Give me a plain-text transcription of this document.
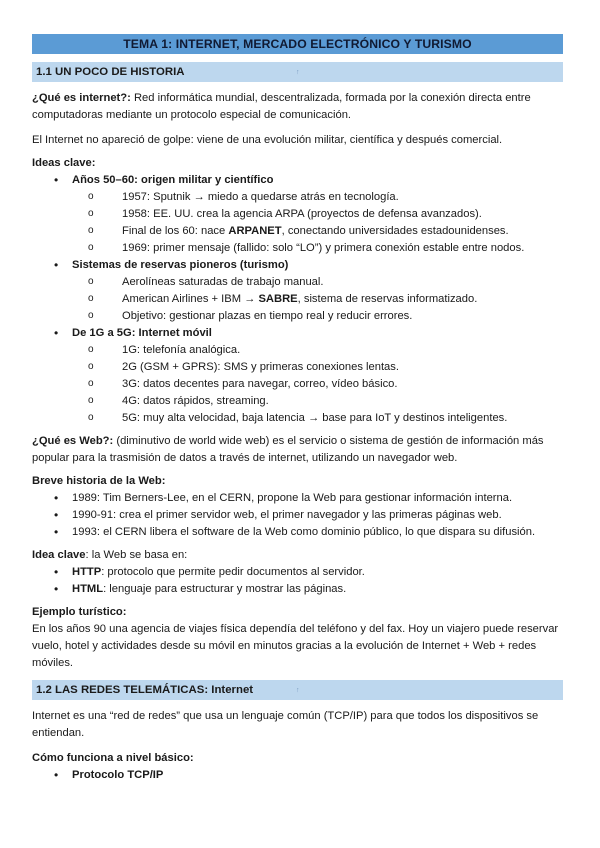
TEMA 1: INTERNET, MERCADO ELECTRÓNICO Y TURISMO
1.1 UN POCO DE HISTORIA	↑

¿Qué es internet?: Red informática mundial, descentralizada, formada por la conexión directa entre computadoras mediante un protocolo especial de comunicación.

El Internet no apareció de golpe: viene de una evolución militar, científica y después comercial.

Ideas clave:

• Años 50–60: origen militar y científico
o 1957: Sputnik → miedo a quedarse atrás en tecnología.
o 1958: EE. UU. crea la agencia ARPA (proyectos de defensa avanzados).
o Final de los 60: nace ARPANET, conectando universidades estadounidenses.
o 1969: primer mensaje (fallido: solo “LO”) y primera conexión estable entre nodos.
• Sistemas de reservas pioneros (turismo)
o Aerolíneas saturadas de trabajo manual.
o American Airlines + IBM → SABRE, sistema de reservas informatizado.
o Objetivo: gestionar plazas en tiempo real y reducir errores.
• De 1G a 5G: Internet móvil
o 1G: telefonía analógica.
o 2G (GSM + GPRS): SMS y primeras conexiones lentas.
o 3G: datos decentes para navegar, correo, vídeo básico.
o 4G: datos rápidos, streaming.
o 5G: muy alta velocidad, baja latencia → base para IoT y destinos inteligentes.

¿Qué es Web?: (diminutivo de world wide web) es el servicio o sistema de gestión de información más popular para la trasmisión de datos a través de internet, utilizando un navegador web.

Breve historia de la Web:

• 1989: Tim Berners-Lee, en el CERN, propone la Web para gestionar información interna.
• 1990-91: crea el primer servidor web, el primer navegador y las primeras páginas web.
• 1993: el CERN libera el software de la Web como dominio público, lo que dispara su difusión.

Idea clave: la Web se basa en:

• HTTP: protocolo que permite pedir documentos al servidor.
• HTML: lenguaje para estructurar y mostrar las páginas.

Ejemplo turístico:

En los años 90 una agencia de viajes física dependía del teléfono y del fax. Hoy un viajero puede reservar vuelo, hotel y actividades desde su móvil en minutos gracias a la evolución de Internet + Web + redes móviles.

1.2 LAS REDES TELEMÁTICAS: Internet	↑

Internet es una “red de redes” que usa un lenguaje común (TCP/IP) para que todos los dispositivos se entiendan.

Cómo funciona a nivel básico:

• Protocolo TCP/IP
